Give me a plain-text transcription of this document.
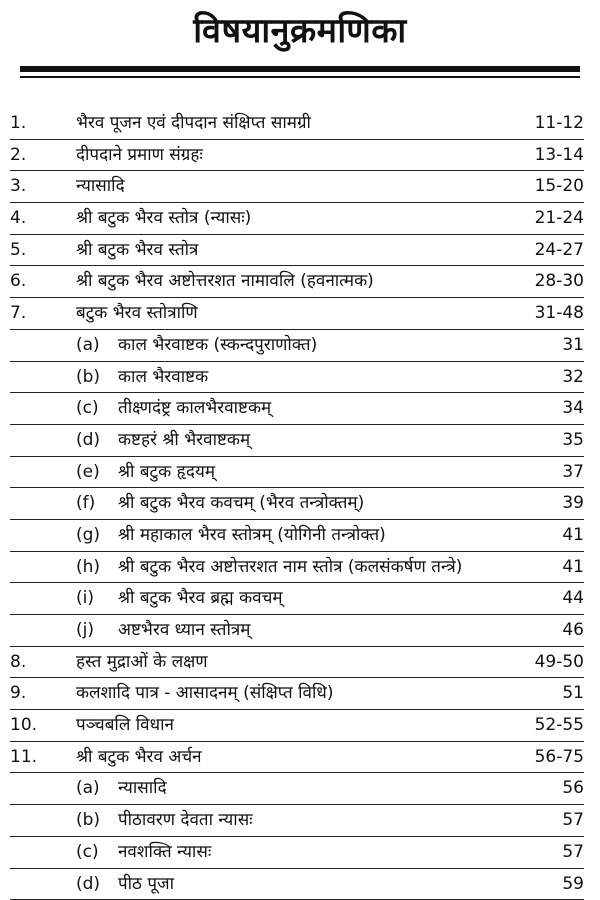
विषयानुक्रमणिका
1.	भैरव पूजन एवं दीपदान संक्षिप्त सामग्री	11-12
2.	दीपदाने प्रमाण संग्रहः	13-14
3.	न्यासादि	15-20
4.	श्री बटुक भैरव स्तोत्र (न्यासः)	21-24
5.	श्री बटुक भैरव स्तोत्र	24-27
6.	श्री बटुक भैरव अष्टोत्तरशत नामावलि (हवनात्मक)	28-30
7.	बटुक भैरव स्तोत्राणि	31-48
(a) काल भैरवाष्टक (स्कन्दपुराणोक्त)	31
(b) काल भैरवाष्टक	32
(c) तीक्ष्णदंष्ट्र कालभैरवाष्टकम्	34
(d) कष्टहरं श्री भैरवाष्टकम्	35
(e) श्री बटुक हृदयम्	37
(f) श्री बटुक भैरव कवचम् (भैरव तन्त्रोक्तम्)	39
(g) श्री महाकाल भैरव स्तोत्रम् (योगिनी तन्त्रोक्त)	41
(h) श्री बटुक भैरव अष्टोत्तरशत नाम स्तोत्र (कलसंकर्षण तन्त्रे)	41
(i) श्री बटुक भैरव ब्रह्म कवचम्	44
(j) अष्टभैरव ध्यान स्तोत्रम्	46
8.	हस्त मुद्राओं के लक्षण	49-50
9.	कलशादि पात्र - आसादनम् (संक्षिप्त विधि)	51
10. पञ्चबलि विधान	52-55
11. श्री बटुक भैरव अर्चन	56-75
(a) न्यासादि	56
(b) पीठावरण देवता न्यासः	57
(c) नवशक्ति न्यासः	57
(d) पीठ पूजा	59
